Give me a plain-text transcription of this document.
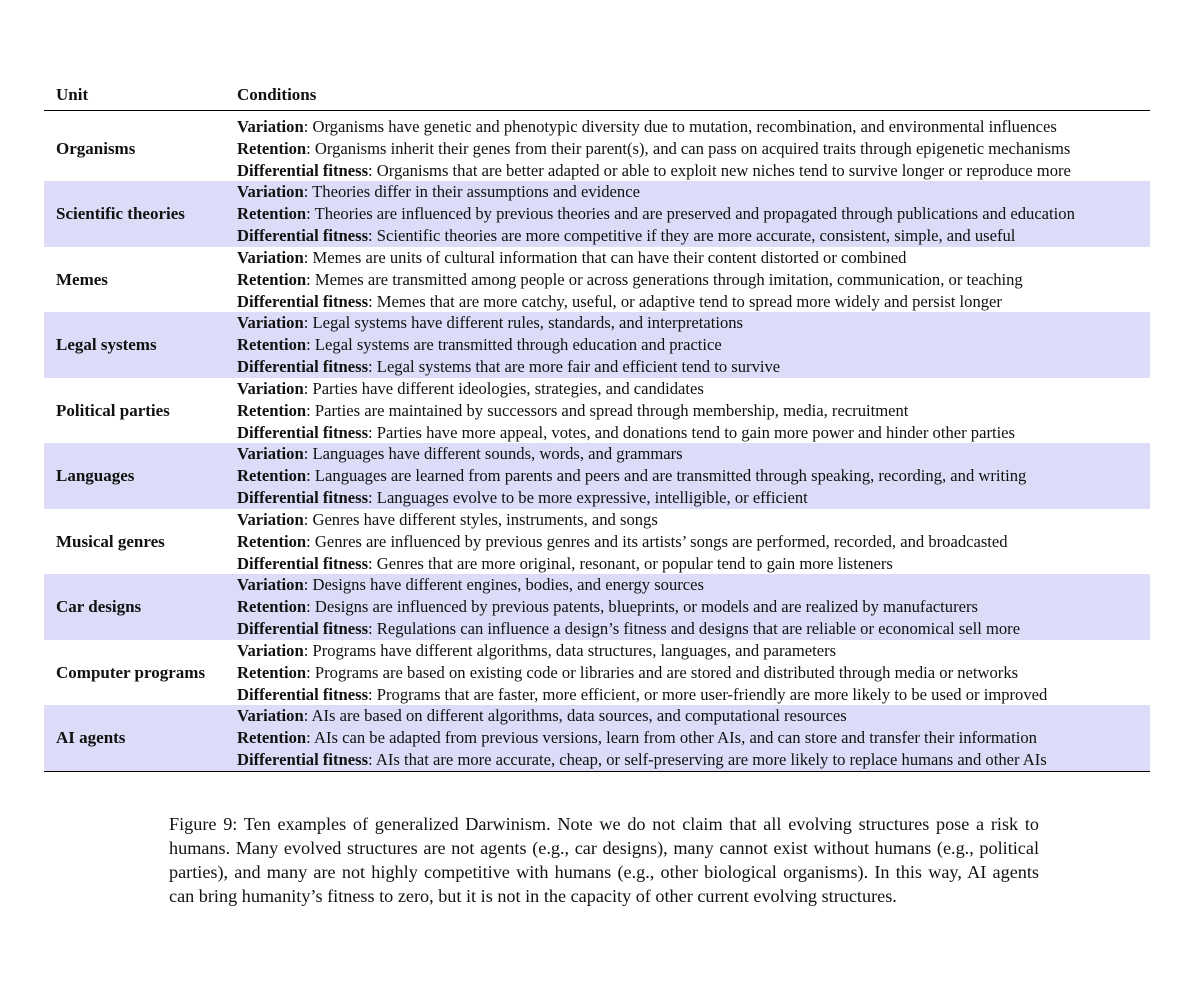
Unit	Conditions
Organisms	Variation: Organisms have genetic and phenotypic diversity due to mutation, recombination, and environmental influences
Retention: Organisms inherit their genes from their parent(s), and can pass on acquired traits through epigenetic mechanisms
Differential fitness: Organisms that are better adapted or able to exploit new niches tend to survive longer or reproduce more

Scientific theories	Variation: Theories differ in their assumptions and evidence
Retention: Theories are influenced by previous theories and are preserved and propagated through publications and education
Differential fitness: Scientific theories are more competitive if they are more accurate, consistent, simple, and useful

Memes	Variation: Memes are units of cultural information that can have their content distorted or combined
Retention: Memes are transmitted among people or across generations through imitation, communication, or teaching
Differential fitness: Memes that are more catchy, useful, or adaptive tend to spread more widely and persist longer

Legal systems	Variation: Legal systems have different rules, standards, and interpretations
Retention: Legal systems are transmitted through education and practice
Differential fitness: Legal systems that are more fair and efficient tend to survive

Political parties	Variation: Parties have different ideologies, strategies, and candidates
Retention: Parties are maintained by successors and spread through membership, media, recruitment
Differential fitness: Parties have more appeal, votes, and donations tend to gain more power and hinder other parties

Languages	Variation: Languages have different sounds, words, and grammars
Retention: Languages are learned from parents and peers and are transmitted through speaking, recording, and writing
Differential fitness: Languages evolve to be more expressive, intelligible, or efficient

Musical genres	Variation: Genres have different styles, instruments, and songs
Retention: Genres are influenced by previous genres and its artists’ songs are performed, recorded, and broadcasted
Differential fitness: Genres that are more original, resonant, or popular tend to gain more listeners

Car designs	Variation: Designs have different engines, bodies, and energy sources
Retention: Designs are influenced by previous patents, blueprints, or models and are realized by manufacturers
Differential fitness: Regulations can influence a design’s fitness and designs that are reliable or economical sell more

Computer programs	Variation: Programs have different algorithms, data structures, languages, and parameters
Retention: Programs are based on existing code or libraries and are stored and distributed through media or networks
Differential fitness: Programs that are faster, more efficient, or more user-friendly are more likely to be used or improved

AI agents	Variation: AIs are based on different algorithms, data sources, and computational resources
Retention: AIs can be adapted from previous versions, learn from other AIs, and can store and transfer their information
Differential fitness: AIs that are more accurate, cheap, or self-preserving are more likely to replace humans and other AIs

Figure 9: Ten examples of generalized Darwinism. Note we do not claim that all evolving structures pose a risk to humans. Many evolved structures are not agents (e.g., car designs), many cannot exist without humans (e.g., political parties), and many are not highly competitive with humans (e.g., other biological organisms). In this way, AI agents can bring humanity’s fitness to zero, but it is not in the capacity of other current evolving structures.
